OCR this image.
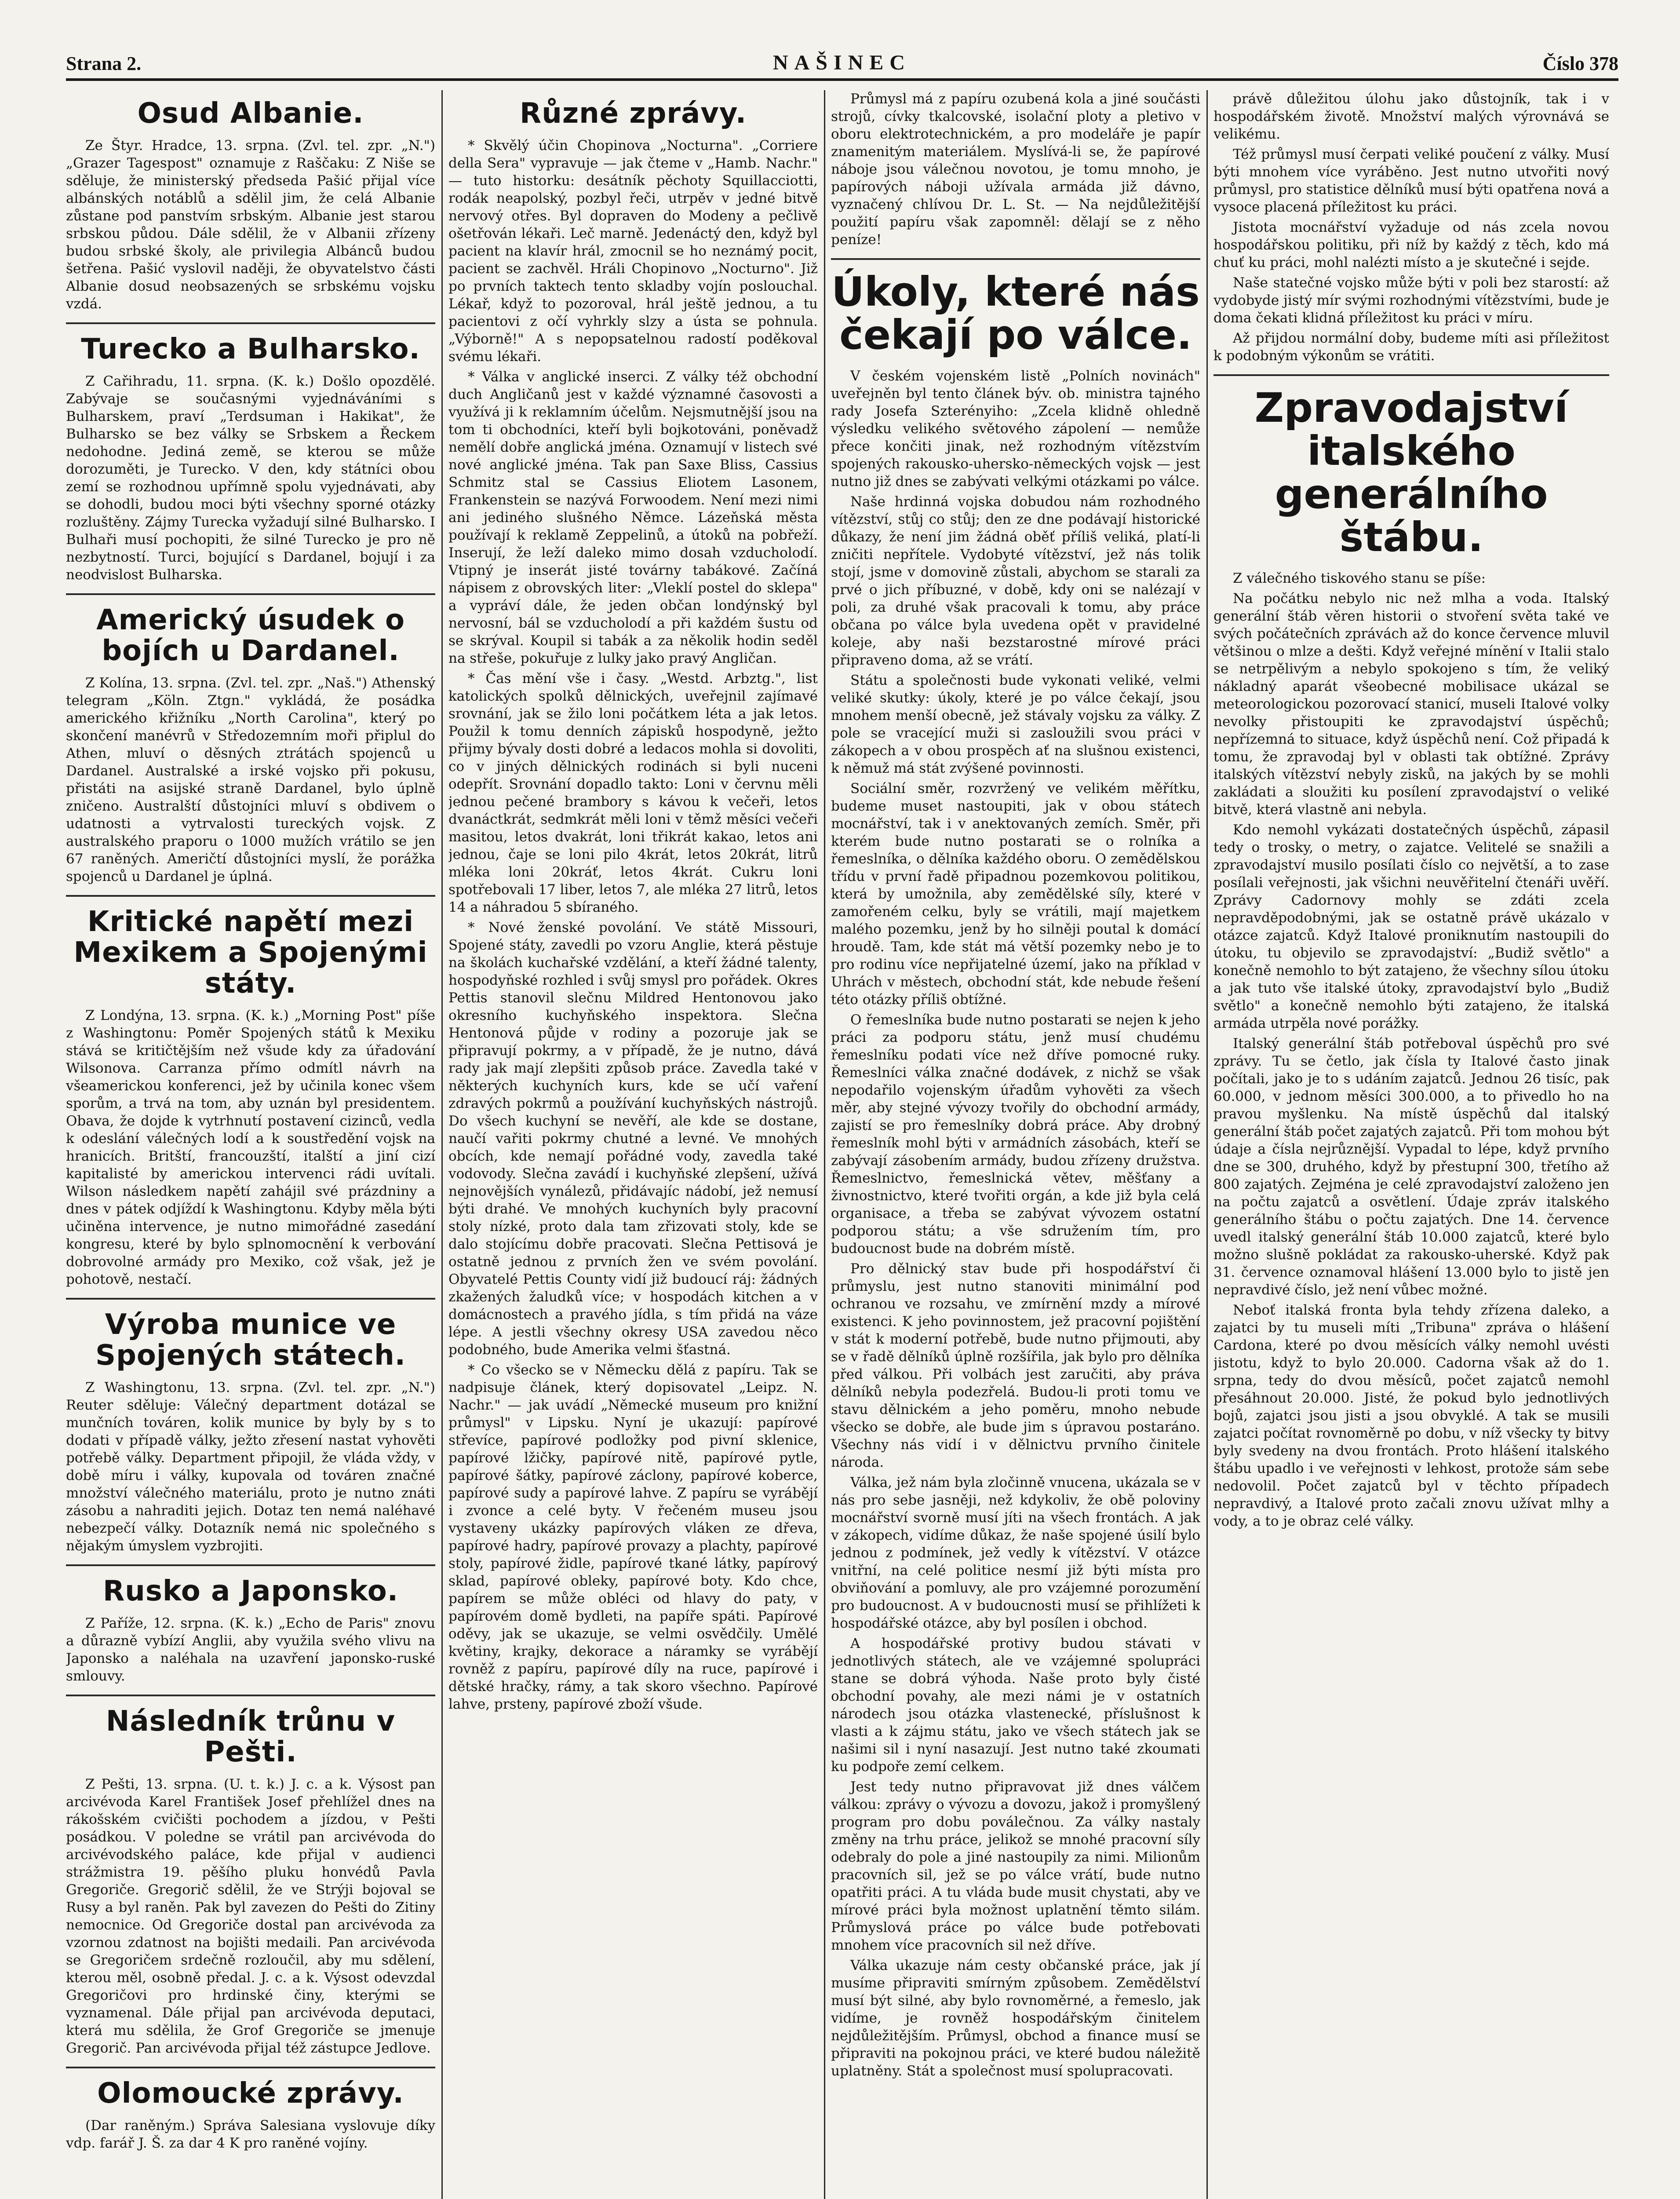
Strana 2.	NAŠINEC	Číslo 378
Osud Albanie.

Ze Štyr. Hradce, 13. srpna. (Zvl. tel. zpr. „N.") „Grazer Tagespost" oznamuje z Raščaku: Z Niše se sděluje, že ministerský předseda Pašić přijal více albánských notáblů a sdělil jim, že celá Albanie zůstane pod panstvím srbským. Albanie jest starou srbskou půdou. Dále sdělil, že v Albanii zřízeny budou srbské školy, ale privilegia Albánců budou šetřena. Pašić vyslovil naději, že obyvatelstvo části Albanie dosud neobsazených se srbskému vojsku vzdá.

Turecko a Bulharsko.

Z Cařihradu, 11. srpna. (K. k.) Došlo opozdělé. Zabývaje se současnými vyjednáváními s Bulharskem, praví „Terdsuman i Hakikat", že Bulharsko se bez války se Srbskem a Řeckem nedohodne. Jediná země, se kterou se může dorozuměti, je Turecko. V den, kdy státníci obou zemí se rozhodnou upřímně spolu vyjednávati, aby se dohodli, budou moci býti všechny sporné otázky rozluštěny. Zájmy Turecka vyžadují silné Bulharsko. I Bulhaři musí pochopiti, že silné Turecko je pro ně nezbytností. Turci, bojující s Dardanel, bojují i za neodvislost Bulharska.

Americký úsudek o bojích u Dardanel.

Z Kolína, 13. srpna. (Zvl. tel. zpr. „Naš.") Athenský telegram „Köln. Ztgn." vykládá, že posádka amerického křižníku „North Carolina", který po skončení manévrů v Středozemním moři připlul do Athen, mluví o děsných ztrátách spojenců u Dardanel. Australské a irské vojsko při pokusu, přistáti na asijské straně Dardanel, bylo úplně zničeno. Australští důstojníci mluví s obdivem o udatnosti a vytrvalosti tureckých vojsk. Z australského praporu o 1000 mužích vrátilo se jen 67 raněných. Američtí důstojníci myslí, že porážka spojenců u Dardanel je úplná.

Kritické napětí mezi Mexikem a Spojenými státy.

Z Londýna, 13. srpna. (K. k.) „Morning Post" píše z Washingtonu: Poměr Spojených států k Mexiku stává se kritičtějším než všude kdy za úřadování Wilsonova. Carranza přímo odmítl návrh na všeamerickou konferenci, jež by učinila konec všem sporům, a trvá na tom, aby uznán byl presidentem. Obava, že dojde k vytrhnutí postavení cizinců, vedla k odeslání válečných lodí a k soustředění vojsk na hranicích. Britští, francouzští, italští a jiní cizí kapitalisté by americkou intervenci rádi uvítali. Wilson následkem napětí zahájil své prázdniny a dnes v pátek odjíždí k Washingtonu. Kdyby měla býti učiněna intervence, je nutno mimořádné zasedání kongresu, které by bylo splnomocnění k verbování dobrovolné armády pro Mexiko, což však, jež je pohotově, nestačí.

Výroba munice ve Spojených státech.

Z Washingtonu, 13. srpna. (Zvl. tel. zpr. „N.") Reuter sděluje: Válečný department dotázal se munčních továren, kolik munice by byly by s to dodati v případě války, ježto zřesení nastat vyhověti potřebě války. Department připojil, že vláda vždy, v době míru i války, kupovala od továren značné množství válečného materiálu, proto je nutno znáti zásobu a nahraditi jejich. Dotaz ten nemá naléhavé nebezpečí války. Dotazník nemá nic společného s nějakým úmyslem vyzbrojiti.

Rusko a Japonsko.

Z Paříže, 12. srpna. (K. k.) „Echo de Paris" znovu a důrazně vybízí Anglii, aby využila svého vlivu na Japonsko a naléhala na uzavření japonsko-ruské smlouvy.

Následník trůnu v Pešti.

Z Pešti, 13. srpna. (U. t. k.) J. c. a k. Výsost pan arcivévoda Karel František Josef přehlížel dnes na rákošském cvičišti pochodem a jízdou, v Pešti posádkou. V poledne se vrátil pan arcivévoda do arcivévodského paláce, kde přijal v audienci strážmistra 19. pěšího pluku honvédů Pavla Gregoriče. Gregorič sdělil, že ve Strýji bojoval se Rusy a byl raněn. Pak byl zavezen do Pešti do Zitiny nemocnice. Od Gregoriče dostal pan arcivévoda za vzornou zdatnost na bojišti medaili. Pan arcivévoda se Gregoričem srdečně rozloučil, aby mu sdělení, kterou měl, osobně předal. J. c. a k. Výsost odevzdal Gregoričovi pro hrdinské činy, kterými se vyznamenal. Dále přijal pan arcivévoda deputaci, která mu sdělila, že Grof Gregoriče se jmenuje Gregorič. Pan arcivévoda přijal též zástupce Jedlove.

Olomoucké zprávy.

(Dar raněným.) Správa Salesiana vyslovuje díky vdp. farář J. Š. za dar 4 K pro raněné vojíny.

Různé zprávy.

* Skvělý účin Chopinova „Nocturna". „Corriere della Sera" vypravuje — jak čteme v „Hamb. Nachr." — tuto historku: desátník pěchoty Squillacciotti, rodák neapolský, pozbyl řeči, utrpěv v jedné bitvě nervový otřes. Byl dopraven do Modeny a pečlivě ošetřován lékaři. Leč marně. Jedenáctý den, když byl pacient na klavír hrál, zmocnil se ho neznámý pocit, pacient se zachvěl. Hráli Chopinovo „Nocturno". Již po prvních taktech tento skladby vojín poslouchal. Lékař, když to pozoroval, hrál ještě jednou, a tu pacientovi z očí vyhrkly slzy a ústa se pohnula. „Výborně!" A s nepopsatelnou radostí poděkoval svému lékaři.

* Válka v anglické inserci. Z války též obchodní duch Angličanů jest v každé významné časovosti a využívá ji k reklamním účelům. Nejsmutnější jsou na tom ti obchodníci, kteří byli bojkotováni, poněvadž nemělí dobře anglická jména. Oznamují v listech své nové anglické jména. Tak pan Saxe Bliss, Cassius Schmitz stal se Cassius Eliotem Lasonem, Frankenstein se nazývá Forwoodem. Není mezi nimi ani jediného slušného Němce. Lázeňská města používají k reklamě Zeppelinů, a útoků na pobřeží. Inserují, že leží daleko mimo dosah vzducholodí. Vtipný je inserát jisté továrny tabákové. Začíná nápisem z obrovských liter: „Vleklí postel do sklepa" a vypráví dále, že jeden občan londýnský byl nervosní, bál se vzducholodí a při každém šustu od se skrýval. Koupil si tabák a za několik hodin seděl na střeše, pokuřuje z lulky jako pravý Angličan.

* Čas mění vše i časy. „Westd. Arbztg.", list katolických spolků dělnických, uveřejnil zajímavé srovnání, jak se žilo loni počátkem léta a jak letos. Použil k tomu denních zápisků hospodyně, ježto přijmy bývaly dosti dobré a ledacos mohla si dovoliti, co v jiných dělnických rodinách si byli nuceni odepřít. Srovnání dopadlo takto: Loni v červnu měli jednou pečené brambory s kávou k večeři, letos dvanáctkrát, sedmkrát měli loni v těmž měsíci večeři masitou, letos dvakrát, loni třikrát kakao, letos ani jednou, čaje se loni pilo 4krát, letos 20krát, litrů mléka loni 20kráť, letos 4krát. Cukru loni spotřebovali 17 liber, letos 7, ale mléka 27 litrů, letos 14 a náhradou 5 sbíraného.

* Nové ženské povolání. Ve státě Missouri, Spojené státy, zavedli po vzoru Anglie, která pěstuje na školách kuchařské vzdělání, a kteří žádné talenty, hospodyňské rozhled i svůj smysl pro pořádek. Okres Pettis stanovil slečnu Mildred Hentonovou jako okresního kuchyňského inspektora. Slečna Hentonová půjde v rodiny a pozoruje jak se připravují pokrmy, a v případě, že je nutno, dává rady jak mají zlepšiti způsob práce. Zavedla také v některých kuchyních kurs, kde se učí vaření zdravých pokrmů a používání kuchyňských nástrojů. Do všech kuchyní se nevěří, ale kde se dostane, naučí vařiti pokrmy chutné a levné. Ve mnohých obcích, kde nemají pořádné vody, zavedla také vodovody. Slečna zavádí i kuchyňské zlepšení, užívá nejnovějších vynálezů, přidávajíc nádobí, jež nemusí býti drahé. Ve mnohých kuchyních byly pracovní stoly nízké, proto dala tam zřizovati stoly, kde se dalo stojícímu dobře pracovati. Slečna Pettisová je ostatně jednou z prvních žen ve svém povolání. Obyvatelé Pettis County vidí již budoucí ráj: žádných zkažených žaludků více; v hospodách kitchen a v domácnostech a pravého jídla, s tím přidá na váze lépe. A jestli všechny okresy USA zavedou něco podobného, bude Amerika velmi šťastná.

* Co všecko se v Německu dělá z papíru. Tak se nadpisuje článek, který dopisovatel „Leipz. N. Nachr." — jak uvádí „Německé museum pro knižní průmysl" v Lipsku. Nyní je ukazují: papírové střevíce, papírové podložky pod pivní sklenice, papírové lžičky, papírové nitě, papírové pytle, papírové šátky, papírové záclony, papírové koberce, papírové sudy a papírové lahve. Z papíru se vyrábějí i zvonce a celé byty. V řečeném museu jsou vystaveny ukázky papírových vláken ze dřeva, papírové hadry, papírové provazy a plachty, papírové stoly, papírové židle, papírové tkané látky, papírový sklad, papírové obleky, papírové boty. Kdo chce, papírem se může obléci od hlavy do paty, v papírovém domě bydleti, na papíře spáti. Papírové oděvy, jak se ukazuje, se velmi osvědčily. Umělé květiny, krajky, dekorace a náramky se vyrábějí rovněž z papíru, papírové díly na ruce, papírové i dětské hračky, rámy, a tak skoro všechno. Papírové lahve, prsteny, papírové zboží všude.

Průmysl má z papíru ozubená kola a jiné součásti strojů, cívky tkalcovské, isolační ploty a pletivo v oboru elektrotechnickém, a pro modeláře je papír znamenitým materiálem. Myslívá-li se, že papírové náboje jsou válečnou novotou, je tomu mnoho, je papírových náboji užívala armáda již dávno, vyznačený chlívou Dr. L. St. — Na nejdůležitější použití papíru však zapomněl: dělají se z něho peníze!

Úkoly, které nás čekají po válce.

V českém vojenském listě „Polních novinách" uveřejněn byl tento článek býv. ob. ministra tajného rady Josefa Szterényiho: „Zcela klidně ohledně výsledku velikého světového zápolení — nemůže přece končiti jinak, než rozhodným vítězstvím spojených rakousko-uhersko-německých vojsk — jest nutno již dnes se zabývati velkými otázkami po válce.

Naše hrdinná vojska dobudou nám rozhodného vítězství, stůj co stůj; den ze dne podávají historické důkazy, že není jim žádná oběť příliš veliká, platí-li zničiti nepřítele. Vydobyté vítězství, jež nás tolik stojí, jsme v domovině zůstali, abychom se starali za prvé o jich příbuzné, v době, kdy oni se nalézají v poli, za druhé však pracovali k tomu, aby práce občana po válce byla uvedena opět v pravidelné koleje, aby naši bezstarostné mírové práci připraveno doma, až se vrátí.

Státu a společnosti bude vykonati veliké, velmi veliké skutky: úkoly, které je po válce čekají, jsou mnohem menší obecně, jež stávaly vojsku za války. Z pole se vracející muži si zasloužili svou práci v zákopech a v obou prospěch ať na slušnou existenci, k němuž má stát zvýšené povinnosti.

Sociální směr, rozvržený ve velikém měřítku, budeme muset nastoupiti, jak v obou státech mocnářství, tak i v anektovaných zemích. Směr, při kterém bude nutno postarati se o rolníka a řemeslníka, o dělníka každého oboru. O zemědělskou třídu v první řadě připadnou pozemkovou politikou, která by umožnila, aby zemědělské síly, které v zamořeném celku, byly se vrátili, mají majetkem malého pozemku, jenž by ho silněji poutal k domácí hroudě. Tam, kde stát má větší pozemky nebo je to pro rodinu více nepřijatelné území, jako na příklad v Uhrách v městech, obchodní stát, kde nebude řešení této otázky příliš obtížné.

O řemeslníka bude nutno postarati se nejen k jeho práci za podporu státu, jenž musí chudému řemeslníku podati více než dříve pomocné ruky. Řemeslníci válka značné dodávek, z nichž se však nepodařilo vojenským úřadům vyhověti za všech měr, aby stejné vývozy tvořily do obchodní armády, zajistí se pro řemeslníky dobrá práce. Aby drobný řemeslník mohl býti v armádních zásobách, kteří se zabývají zásobením armády, budou zřízeny družstva. Řemeslnictvo, řemeslnická větev, měšťany a živnostnictvo, které tvořiti orgán, a kde již byla celá organisace, a třeba se zabývat vývozem ostatní podporou státu; a vše sdružením tím, pro budoucnost bude na dobrém místě.

Pro dělnický stav bude při hospodářství či průmyslu, jest nutno stanoviti minimální pod ochranou ve rozsahu, ve zmírnění mzdy a mírové existenci. K jeho povinnostem, jež pracovní pojištění v stát k moderní potřebě, bude nutno přijmouti, aby se v řadě dělníků úplně rozšířila, jak bylo pro dělníka před válkou. Při volbách jest zaručiti, aby práva dělníků nebyla podezřelá. Budou-li proti tomu ve stavu dělnickém a jeho poměru, mnoho nebude všecko se dobře, ale bude jim s úpravou postaráno. Všechny nás vidí i v dělnictvu prvního činitele národa.

Válka, jež nám byla zločinně vnucena, ukázala se v nás pro sebe jasněji, než kdykoliv, že obě poloviny mocnářství svorně musí jíti na všech frontách. A jak v zákopech, vidíme důkaz, že naše spojené úsilí bylo jednou z podmínek, jež vedly k vítězství. V otázce vnitřní, na celé politice nesmí již býti místa pro obviňování a pomluvy, ale pro vzájemné porozumění pro budoucnost. A v budoucnosti musí se přihlížeti k hospodářské otázce, aby byl posílen i obchod.

A hospodářské protivy budou stávati v jednotlivých státech, ale ve vzájemné spolupráci stane se dobrá výhoda. Naše proto byly čisté obchodní povahy, ale mezi námi je v ostatních národech jsou otázka vlastenecké, příslušnost k vlasti a k zájmu státu, jako ve všech státech jak se našimi sil i nyní nasazují. Jest nutno také zkoumati ku podpoře zemí celkem.

Jest tedy nutno připravovat již dnes válčem válkou: zprávy o vývozu a dovozu, jakož i promyšlený program pro dobu poválečnou. Za války nastaly změny na trhu práce, jelikož se mnohé pracovní síly odebraly do pole a jiné nastoupily za nimi. Milionům pracovních sil, jež se po válce vrátí, bude nutno opatřiti práci. A tu vláda bude musit chystati, aby ve mírové práci byla možnost uplatnění těmto silám. Průmyslová práce po válce bude potřebovati mnohem více pracovních sil než dříve.

Válka ukazuje nám cesty občanské práce, jak jí musíme připraviti smírným způsobem. Zemědělství musí být silné, aby bylo rovnoměrné, a řemeslo, jak vidíme, je rovněž hospodářským činitelem nejdůležitějším. Průmysl, obchod a finance musí se připraviti na pokojnou práci, ve které budou náležitě uplatněny. Stát a společnost musí spolupracovati.

právě důležitou úlohu jako důstojník, tak i v hospodářském životě. Množství malých výrovnává se velikému.

Též průmysl musí čerpati veliké poučení z války. Musí býti mnohem více vyráběno. Jest nutno utvořiti nový průmysl, pro statistice dělníků musí býti opatřena nová a vysoce placená příležitost ku práci.

Jistota mocnářství vyžaduje od nás zcela novou hospodářskou politiku, při níž by každý z těch, kdo má chuť ku práci, mohl nalézti místo a je skutečné i sejde.

Naše statečné vojsko může býti v poli bez starostí: až vydobyde jistý mír svými rozhodnými vítězstvími, bude je doma čekati klidná příležitost ku práci v míru.

Až přijdou normální doby, budeme míti asi příležitost k podobným výkonům se vrátiti.

Zpravodajství italského generálního štábu.

Z válečného tiskového stanu se píše:

Na počátku nebylo nic než mlha a voda. Italský generální štáb věren historii o stvoření světa také ve svých počátečních zprávách až do konce července mluvil většinou o mlze a dešti. Když veřejné mínění v Italii stalo se netrpělivým a nebylo spokojeno s tím, že veliký nákladný aparát všeobecné mobilisace ukázal se meteorologickou pozorovací stanicí, museli Italové volky nevolky přistoupiti ke zpravodajství úspěchů; nepřízemná to situace, když úspěchů není. Což připadá k tomu, že zpravodaj byl v oblasti tak obtížné. Zprávy italských vítězství nebyly zisků, na jakých by se mohli zakládati a sloužiti ku posílení zpravodajství o veliké bitvě, která vlastně ani nebyla.

Kdo nemohl vykázati dostatečných úspěchů, zápasil tedy o trosky, o metry, o zajatce. Velitelé se snažili a zpravodajství musilo posílati číslo co největší, a to zase posílali veřejnosti, jak všichni neuvěřitelní čtenáři uvěří. Zprávy Cadornovy mohly se zdáti zcela nepravděpodobnými, jak se ostatně právě ukázalo v otázce zajatců. Když Italové proniknutím nastoupili do útoku, tu objevilo se zpravodajství: „Budiž světlo" a konečně nemohlo to být zatajeno, že všechny sílou útoku a jak tuto vše italské útoky, zpravodajství bylo „Budiž světlo" a konečně nemohlo býti zatajeno, že italská armáda utrpěla nové porážky.

Italský generální štáb potřeboval úspěchů pro své zprávy. Tu se četlo, jak čísla ty Italové často jinak počítali, jako je to s udáním zajatců. Jednou 26 tisíc, pak 60.000, v jednom měsíci 300.000, a to přivedlo ho na pravou myšlenku. Na místě úspěchů dal italský generální štáb počet zajatých zajatců. Při tom mohou být údaje a čísla nejrůznější. Vypadal to lépe, když prvního dne se 300, druhého, když by přestupní 300, třetího až 800 zajatých. Zejména je celé zpravodajství založeno jen na počtu zajatců a osvětlení. Údaje zpráv italského generálního štábu o počtu zajatých. Dne 14. července uvedl italský generální štáb 10.000 zajatců, které bylo možno slušně pokládat za rakousko-uherské. Když pak 31. července oznamoval hlášení 13.000 bylo to jistě jen nepravdivé číslo, jež není vůbec možné.

Neboť italská fronta byla tehdy zřízena daleko, a zajatci by tu museli míti „Tribuna" zpráva o hlášení Cardona, které po dvou měsících války nemohl uvésti jistotu, když to bylo 20.000. Cadorna však až do 1. srpna, tedy do dvou měsíců, počet zajatců nemohl přesáhnout 20.000. Jisté, že pokud bylo jednotlivých bojů, zajatci jsou jisti a jsou obvyklé. A tak se musili zajatci počítat rovnoměrně po dobu, v níž všecky ty bitvy byly svedeny na dvou frontách. Proto hlášení italského štábu upadlo i ve veřejnosti v lehkost, protože sám sebe nedovolil. Počet zajatců byl v těchto případech nepravdivý, a Italové proto začali znovu užívat mlhy a vody, a to je obraz celé války.
